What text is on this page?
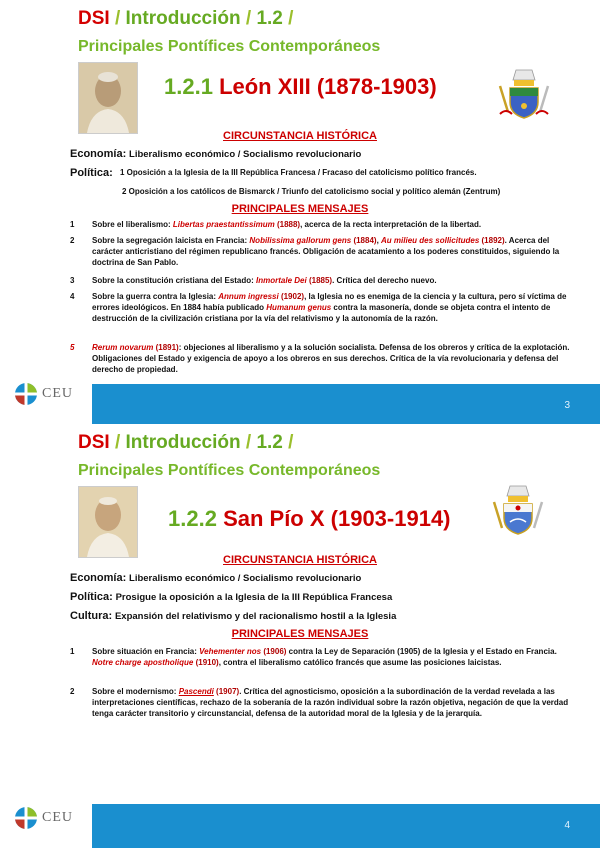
DSI / Introducción / 1.2 /
Principales Pontífices Contemporáneos
1.2.1 León XIII (1878-1903)
CIRCUNSTANCIA HISTÓRICA
Economía: Liberalismo económico / Socialismo revolucionario
Política: 1 Oposición a la Iglesia de la III República Francesa / Fracaso del catolicismo político francés.
2 Oposición a los católicos de Bismarck / Triunfo del catolicismo social y político alemán (Zentrum)
PRINCIPALES MENSAJES
1 Sobre el liberalismo: Libertas praestantissimum (1888), acerca de la recta interpretación de la libertad.
2 Sobre la segregación laicista en Francia: Nobilissima gallorum gens (1884), Au milieu des sollicitudes (1892). Acerca del carácter anticristiano del régimen republicano francés. Obligación de acatamiento a los poderes constituidos, siguiendo la doctrina de San Pablo.
3 Sobre la constitución cristiana del Estado: Inmortale Dei (1885). Crítica del derecho nuevo.
4 Sobre la guerra contra la Iglesia: Annum ingressi (1902), la Iglesia no es enemiga de la ciencia y la cultura, pero sí víctima de errores ideológicos. En 1884 había publicado Humanum genus contra la masonería, donde se objeta contra el intento de destrucción de la civilización cristiana por la vía del relativismo y la autonomía de la razón.
5 Rerum novarum (1891): objeciones al liberalismo y a la solución socialista. Defensa de los obreros y crítica de la explotación. Obligaciones del Estado y exigencia de apoyo a los obreros en sus derechos. Crítica de la vía revolucionaria y defensa del derecho de propiedad.
CEU
3
DSI / Introducción / 1.2 /
Principales Pontífices Contemporáneos
1.2.2 San Pío X (1903-1914)
CIRCUNSTANCIA HISTÓRICA
Economía: Liberalismo económico / Socialismo revolucionario
Política: Prosigue la oposición a la Iglesia de la III República Francesa
Cultura: Expansión del relativismo y del racionalismo hostil a la Iglesia
PRINCIPALES MENSAJES
1 Sobre situación en Francia: Vehementer nos (1906) contra la Ley de Separación (1905) de la Iglesia y el Estado en Francia. Notre charge apostholique (1910), contra el liberalismo católico francés que asume las posiciones laicistas.
2 Sobre el modernismo: Pascendi (1907). Crítica del agnosticismo, oposición a la subordinación de la verdad revelada a las interpretaciones científicas, rechazo de la soberanía de la razón individual sobre la razón objetiva, negación de que la verdad tenga carácter transitorio y circunstancial, defensa de la autoridad moral de la Iglesia y de la jerarquía.
CEU
4
